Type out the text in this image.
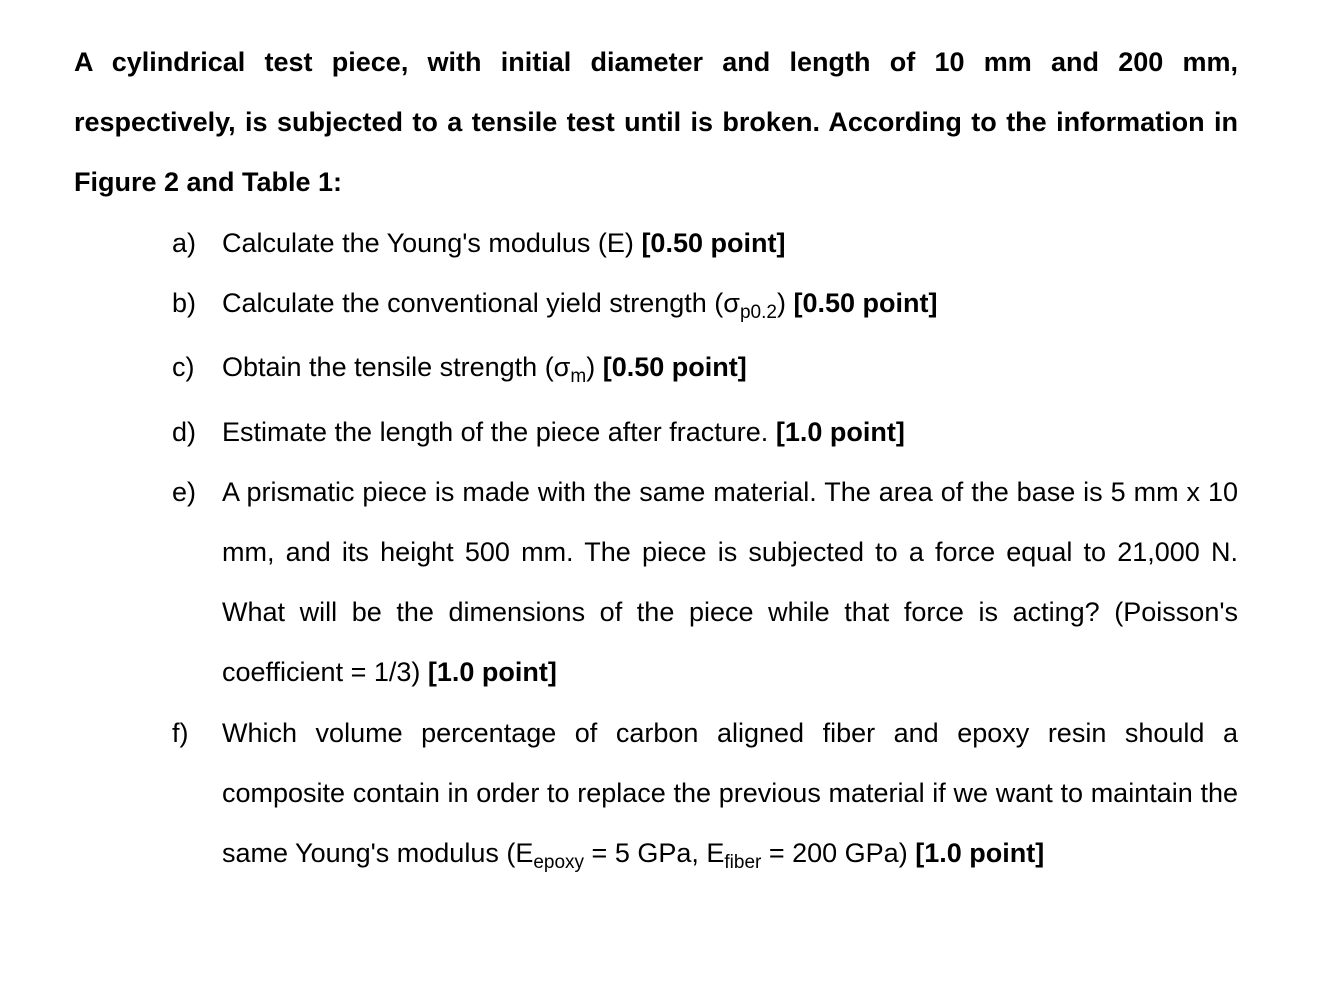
A cylindrical test piece, with initial diameter and length of 10 mm and 200 mm, respectively, is subjected to a tensile test until is broken. According to the information in Figure 2 and Table 1:

a) Calculate the Young's modulus (E) [0.50 point]
b) Calculate the conventional yield strength $(\sigma_{p0.2})$ [0.50 point]
c) Obtain the tensile strength $(\sigma_m)$ [0.50 point]
d) Estimate the length of the piece after fracture. [1.0 point]
e) A prismatic piece is made with the same material. The area of the base is 5 mm x 10 mm, and its height 500 mm. The piece is subjected to a force equal to 21,000 N. What will be the dimensions of the piece while that force is acting? (Poisson's coefficient = 1/3) [1.0 point]
f) Which volume percentage of carbon aligned fiber and epoxy resin should a composite contain in order to replace the previous material if we want to maintain the same Young's modulus ($E_{epoxy} = 5$ GPa, $E_{fiber} = 200$ GPa) [1.0 point]
